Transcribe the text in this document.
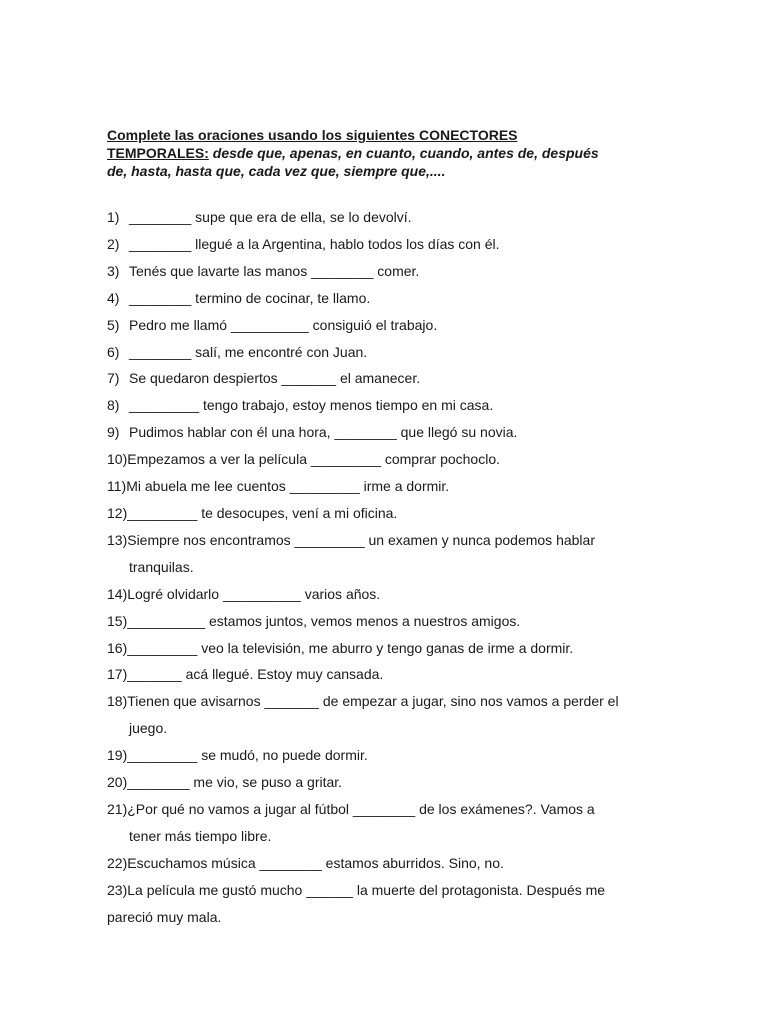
Complete las oraciones usando los siguientes CONECTORES
TEMPORALES: desde que, apenas, en cuanto, cuando, antes de, después
de, hasta, hasta que, cada vez que, siempre que,....
1) ________ supe que era de ella, se lo devolví.
2) ________ llegué a la Argentina, hablo todos los días con él.
3) Tenés que lavarte las manos ________ comer.
4) ________ termino de cocinar, te llamo.
5) Pedro me llamó __________ consiguió el trabajo.
6) ________ salí, me encontré con Juan.
7) Se quedaron despiertos _______ el amanecer.
8) _________ tengo trabajo, estoy menos tiempo en mi casa.
9) Pudimos hablar con él una hora, ________ que llegó su novia.
10) Empezamos a ver la película _________ comprar pochoclo.
11) Mi abuela me lee cuentos _________ irme a dormir.
12) _________ te desocupes, vení a mi oficina.
13) Siempre nos encontramos _________ un examen y nunca podemos hablar
tranquilas.
14) Logré olvidarlo __________ varios años.
15) __________ estamos juntos, vemos menos a nuestros amigos.
16) _________ veo la televisión, me aburro y tengo ganas de irme a dormir.
17) _______ acá llegué. Estoy muy cansada.
18) Tienen que avisarnos _______ de empezar a jugar, sino nos vamos a perder el
juego.
19) _________ se mudó, no puede dormir.
20) ________ me vio, se puso a gritar.
21) ¿Por qué no vamos a jugar al fútbol ________ de los exámenes?. Vamos a
tener más tiempo libre.
22) Escuchamos música ________ estamos aburridos. Sino, no.
23) La película me gustó mucho ______ la muerte del protagonista. Después me
pareció muy mala.
